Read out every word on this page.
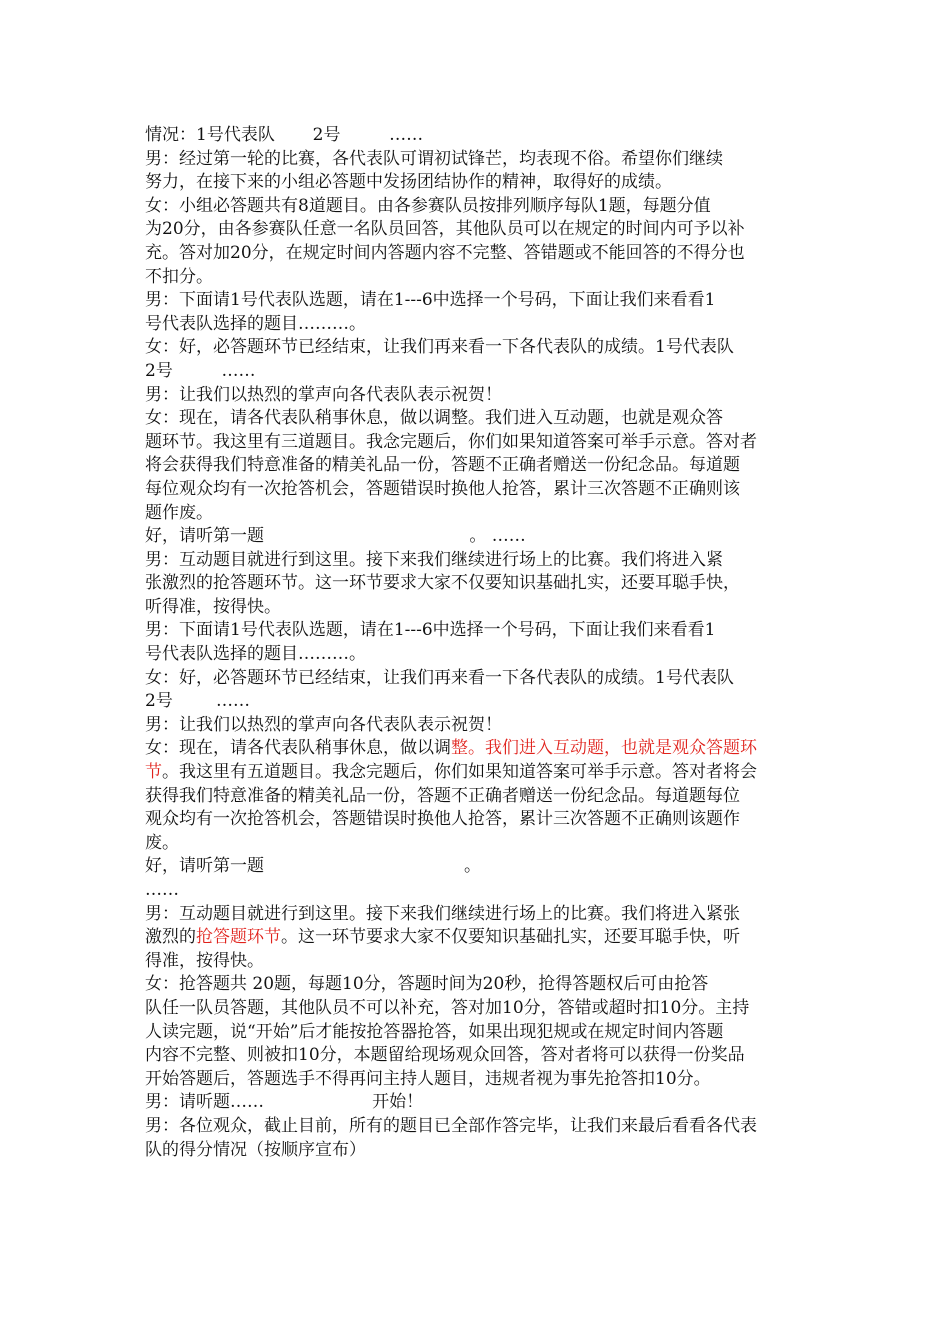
情况：1号代表队       2号         ……
男：经过第一轮的比赛，各代表队可谓初试锋芒，均表现不俗。希望你们继续
努力，在接下来的小组必答题中发扬团结协作的精神，取得好的成绩。
女：小组必答题共有8道题目。由各参赛队员按排列顺序每队1题，每题分值
为20分，由各参赛队任意一名队员回答，其他队员可以在规定的时间内可予以补
充。答对加20分，在规定时间内答题内容不完整、答错题或不能回答的不得分也
不扣分。
男：下面请1号代表队选题，请在1---6中选择一个号码，下面让我们来看看1
号代表队选择的题目………。
女：好，必答题环节已经结束，让我们再来看一下各代表队的成绩。1号代表队
2号         ……
男：让我们以热烈的掌声向各代表队表示祝贺！
女：现在，请各代表队稍事休息，做以调整。我们进入互动题，也就是观众答
题环节。我这里有三道题目。我念完题后，你们如果知道答案可举手示意。答对者
将会获得我们特意准备的精美礼品一份，答题不正确者赠送一份纪念品。每道题
每位观众均有一次抢答机会，答题错误时换他人抢答，累计三次答题不正确则该
题作废。
好，请听第一题                                      。 ……
男：互动题目就进行到这里。接下来我们继续进行场上的比赛。我们将进入紧
张激烈的抢答题环节。这一环节要求大家不仅要知识基础扎实，还要耳聪手快，
听得准，按得快。
男：下面请1号代表队选题，请在1---6中选择一个号码，下面让我们来看看1
号代表队选择的题目………。
女：好，必答题环节已经结束，让我们再来看一下各代表队的成绩。1号代表队
2号        ……
男：让我们以热烈的掌声向各代表队表示祝贺！
女：现在，请各代表队稍事休息，做以调整。我们进入互动题，也就是观众答题环
节。我这里有五道题目。我念完题后，你们如果知道答案可举手示意。答对者将会
获得我们特意准备的精美礼品一份，答题不正确者赠送一份纪念品。每道题每位
观众均有一次抢答机会，答题错误时换他人抢答，累计三次答题不正确则该题作
废。
好，请听第一题                                     。
……
男：互动题目就进行到这里。接下来我们继续进行场上的比赛。我们将进入紧张
激烈的抢答题环节。这一环节要求大家不仅要知识基础扎实，还要耳聪手快，听
得准，按得快。
女：抢答题共 20题，每题10分，答题时间为20秒，抢得答题权后可由抢答
队任一队员答题，其他队员不可以补充，答对加10分，答错或超时扣10分。主持
人读完题，说“开始”后才能按抢答器抢答，如果出现犯规或在规定时间内答题
内容不完整、则被扣10分，本题留给现场观众回答，答对者将可以获得一份奖品
开始答题后，答题选手不得再问主持人题目，违规者视为事先抢答扣10分。
男：请听题……                    开始！
男：各位观众，截止目前，所有的题目已全部作答完毕，让我们来最后看看各代表
队的得分情况（按顺序宣布）
